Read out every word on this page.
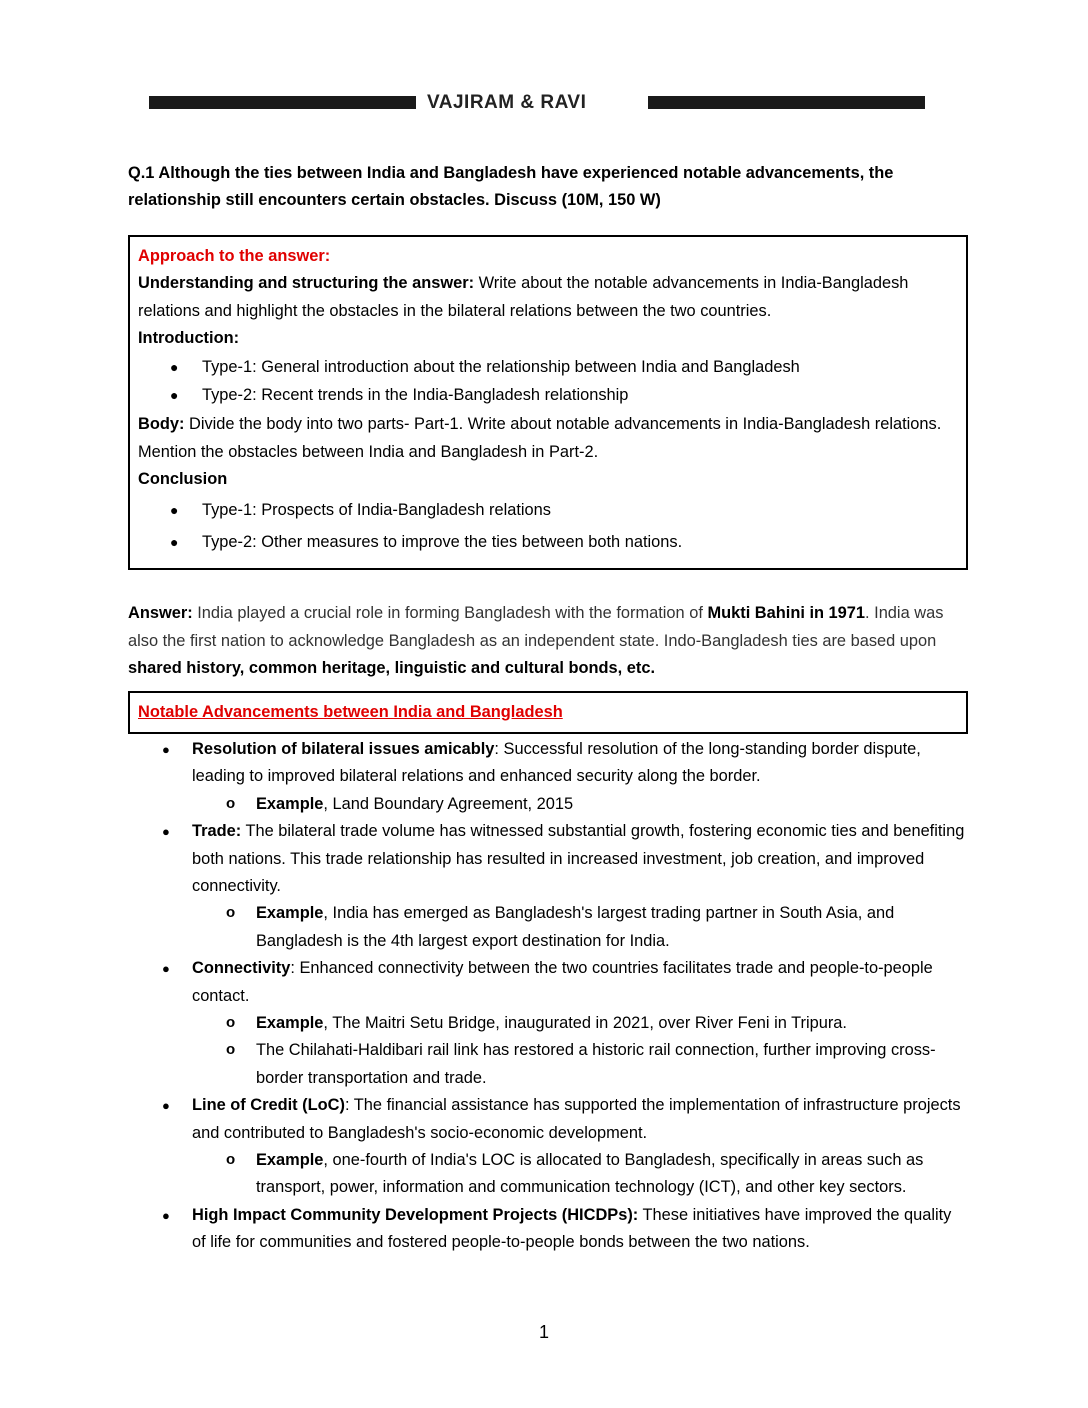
VAJIRAM & RAVI

Q.1 Although the ties between India and Bangladesh have experienced notable advancements, the relationship still encounters certain obstacles. Discuss (10M, 150 W)

Approach to the answer:

Understanding and structuring the answer: Write about the notable advancements in India-Bangladesh relations and highlight the obstacles in the bilateral relations between the two countries.

Introduction:

● Type-1: General introduction about the relationship between India and Bangladesh
● Type-2: Recent trends in the India-Bangladesh relationship

Body: Divide the body into two parts- Part-1. Write about notable advancements in India-Bangladesh relations. Mention the obstacles between India and Bangladesh in Part-2.

Conclusion

● Type-1: Prospects of India-Bangladesh relations
● Type-2: Other measures to improve the ties between both nations.

Answer: India played a crucial role in forming Bangladesh with the formation of Mukti Bahini in 1971. India was also the first nation to acknowledge Bangladesh as an independent state. Indo-Bangladesh ties are based upon shared history, common heritage, linguistic and cultural bonds, etc.

Notable Advancements between India and Bangladesh
● Resolution of bilateral issues amicably: Successful resolution of the long-standing border dispute, leading to improved bilateral relations and enhanced security along the border.
o Example, Land Boundary Agreement, 2015
● Trade: The bilateral trade volume has witnessed substantial growth, fostering economic ties and benefiting both nations. This trade relationship has resulted in increased investment, job creation, and improved connectivity.
o Example, India has emerged as Bangladesh's largest trading partner in South Asia, and Bangladesh is the 4th largest export destination for India.
● Connectivity: Enhanced connectivity between the two countries facilitates trade and people-to-people contact.
o Example, The Maitri Setu Bridge, inaugurated in 2021, over River Feni in Tripura.
o The Chilahati-Haldibari rail link has restored a historic rail connection, further improving cross-border transportation and trade.
● Line of Credit (LoC): The financial assistance has supported the implementation of infrastructure projects and contributed to Bangladesh's socio-economic development.
o Example, one-fourth of India's LOC is allocated to Bangladesh, specifically in areas such as transport, power, information and communication technology (ICT), and other key sectors.
● High Impact Community Development Projects (HICDPs): These initiatives have improved the quality of life for communities and fostered people-to-people bonds between the two nations.
1
